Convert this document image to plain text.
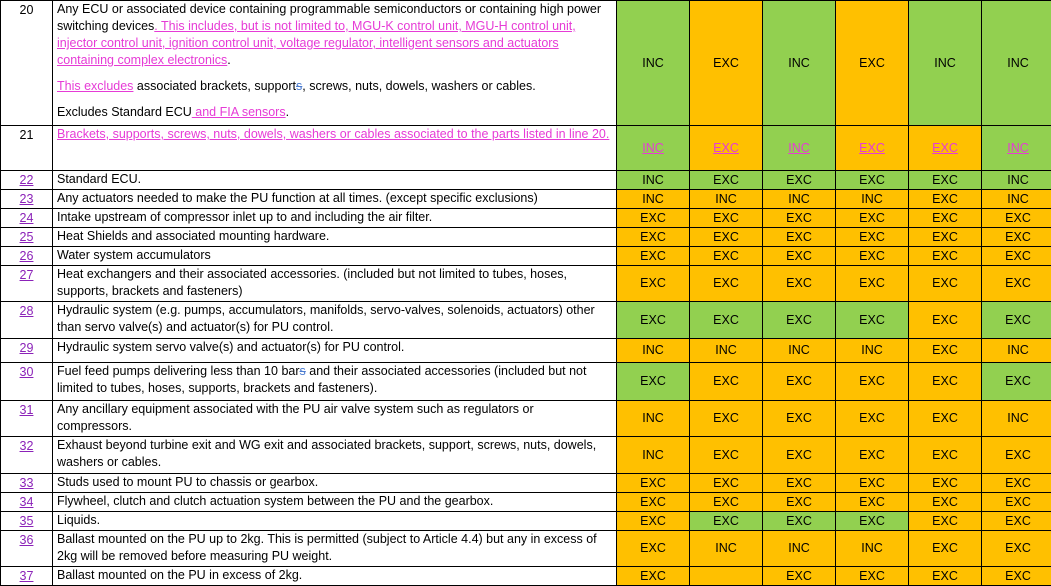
20	Any ECU or associated device containing programmable semiconductors or containing high power switching devices. This includes, but is not limited to, MGU-K control unit, MGU-H control unit, injector control unit, ignition control unit, voltage regulator, intelligent sensors and actuators containing complex electronics.

This excludes associated brackets, supports, screws, nuts, dowels, washers or cables.

Excludes Standard ECU and FIA sensors.	INC	EXC	INC	EXC	INC	INC
21	Brackets, supports, screws, nuts, dowels, washers or cables associated to the parts listed in line 20.	INC	EXC	INC	EXC	EXC	INC
22	Standard ECU.	INC	EXC	EXC	EXC	EXC	INC
23	Any actuators needed to make the PU function at all times. (except specific exclusions)	INC	INC	INC	INC	EXC	INC
24	Intake upstream of compressor inlet up to and including the air filter.	EXC	EXC	EXC	EXC	EXC	EXC
25	Heat Shields and associated mounting hardware.	EXC	EXC	EXC	EXC	EXC	EXC
26	Water system accumulators	EXC	EXC	EXC	EXC	EXC	EXC
27	Heat exchangers and their associated accessories. (included but not limited to tubes, hoses, supports, brackets and fasteners)	EXC	EXC	EXC	EXC	EXC	EXC
28	Hydraulic system (e.g. pumps, accumulators, manifolds, servo-valves, solenoids, actuators) other than servo valve(s) and actuator(s) for PU control.	EXC	EXC	EXC	EXC	EXC	EXC
29	Hydraulic system servo valve(s) and actuator(s) for PU control.	INC	INC	INC	INC	EXC	INC
30	Fuel feed pumps delivering less than 10 bars and their associated accessories (included but not limited to tubes, hoses, supports, brackets and fasteners).	EXC	EXC	EXC	EXC	EXC	EXC
31	Any ancillary equipment associated with the PU air valve system such as regulators or compressors.	INC	EXC	EXC	EXC	EXC	INC
32	Exhaust beyond turbine exit and WG exit and associated brackets, support, screws, nuts, dowels, washers or cables.	INC	EXC	EXC	EXC	EXC	EXC
33	Studs used to mount PU to chassis or gearbox.	EXC	EXC	EXC	EXC	EXC	EXC
34	Flywheel, clutch and clutch actuation system between the PU and the gearbox.	EXC	EXC	EXC	EXC	EXC	EXC
35	Liquids.	EXC	EXC	EXC	EXC	EXC	EXC
36	Ballast mounted on the PU up to 2kg. This is permitted (subject to Article 4.4) but any in excess of 2kg will be removed before measuring PU weight.	EXC	INC	INC	INC	EXC	EXC
37	Ballast mounted on the PU in excess of 2kg.	EXC		EXC	EXC	EXC	EXC
